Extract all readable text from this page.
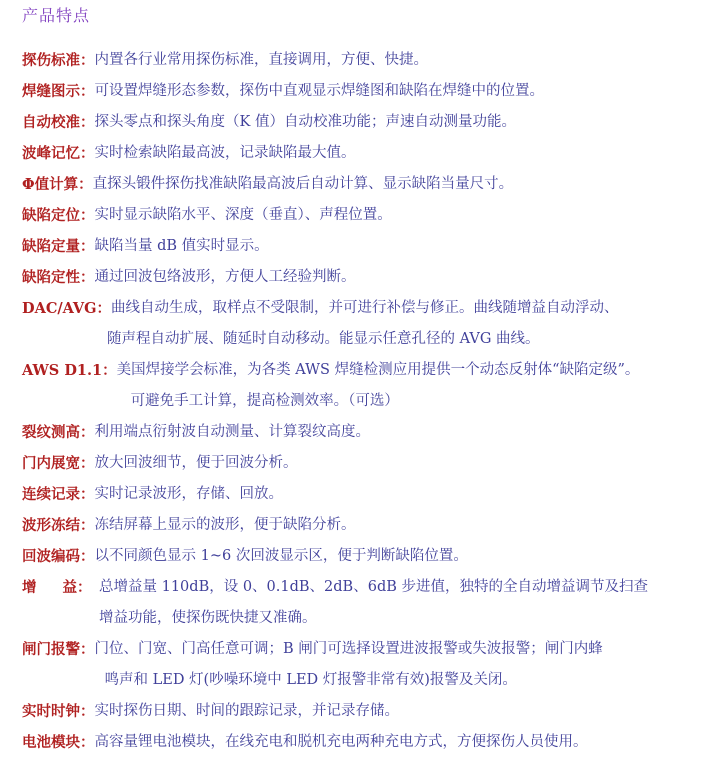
产品特点
探伤标准： 内置各行业常用探伤标准，直接调用，方便、快捷。
焊缝图示： 可设置焊缝形态参数，探伤中直观显示焊缝图和缺陷在焊缝中的位置。
自动校准： 探头零点和探头角度（K 值）自动校准功能；声速自动测量功能。
波峰记忆： 实时检索缺陷最高波，记录缺陷最大值。
Φ值计算： 直探头锻件探伤找准缺陷最高波后自动计算、显示缺陷当量尺寸。
缺陷定位： 实时显示缺陷水平、深度（垂直）、声程位置。
缺陷定量： 缺陷当量 dB 值实时显示。
缺陷定性： 通过回波包络波形，方便人工经验判断。
DAC/AVG： 曲线自动生成，取样点不受限制，并可进行补偿与修正。曲线随增益自动浮动、
随声程自动扩展、随延时自动移动。能显示任意孔径的 AVG 曲线。
AWS D1.1： 美国焊接学会标准，为各类 AWS 焊缝检测应用提供一个动态反射体“缺陷定级”。
可避免手工计算，提高检测效率。（可选）
裂纹测高： 利用端点衍射波自动测量、计算裂纹高度。
门内展宽： 放大回波细节，便于回波分析。
连续记录： 实时记录波形，存储、回放。
波形冻结： 冻结屏幕上显示的波形，便于缺陷分析。
回波编码： 以不同颜色显示 1~6 次回波显示区，便于判断缺陷位置。
增 益： 总增益量 110dB，设 0、0.1dB、2dB、6dB 步进值，独特的全自动增益调节及扫查
增益功能，使探伤既快捷又准确。
闸门报警： 门位、门宽、门高任意可调；B 闸门可选择设置进波报警或失波报警；闸门内蜂
鸣声和 LED 灯(吵噪环境中 LED 灯报警非常有效)报警及关闭。
实时时钟： 实时探伤日期、时间的跟踪记录，并记录存储。
电池模块： 高容量锂电池模块，在线充电和脱机充电两种充电方式，方便探伤人员使用。
